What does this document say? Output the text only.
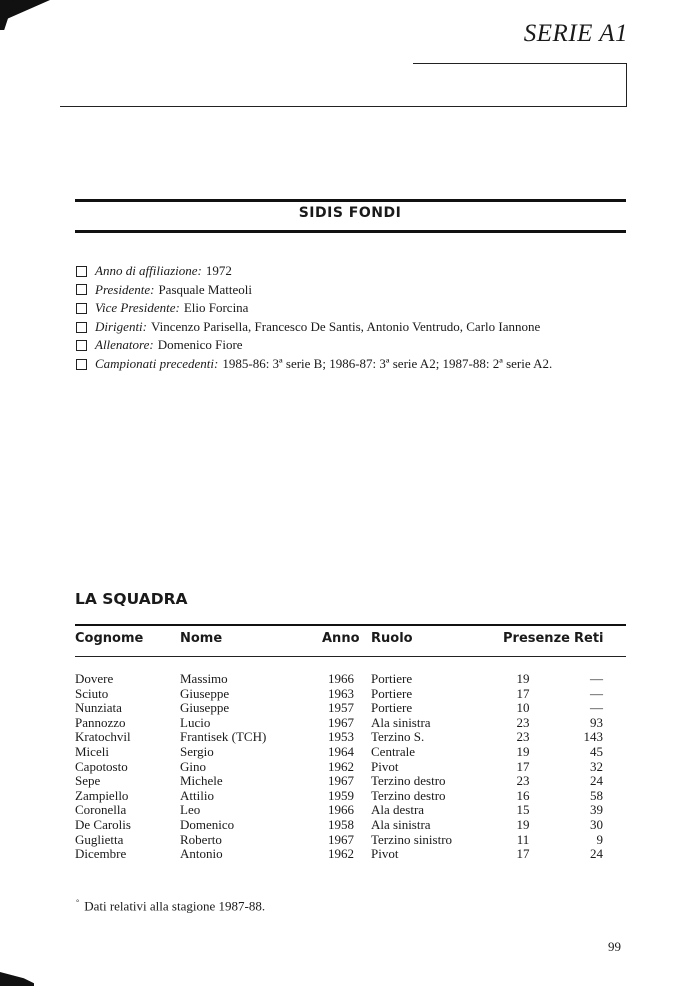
SERIE A1
SIDIS FONDI
Anno di affiliazione: 1972
Presidente: Pasquale Matteoli
Vice Presidente: Elio Forcina
Dirigenti: Vincenzo Parisella, Francesco De Santis, Antonio Ventrudo, Carlo Iannone
Allenatore: Domenico Fiore
Campionati precedenti: 1985-86: 3ª serie B; 1986-87: 3ª serie A2; 1987-88: 2ª serie A2.
LA SQUADRA
Cognome	Nome	Anno Ruolo	Presenze Reti
Dovere	Massimo	1966 Portiere	19	—
Sciuto	Giuseppe	1963 Portiere	17	—
Nunziata	Giuseppe	1957 Portiere	10	—
Pannozzo	Lucio	1967 Ala sinistra	23	93
Kratochvil	Frantisek (TCH)	1953 Terzino S.	23	143
Miceli	Sergio	1964 Centrale	19	45
Capotosto	Gino	1962 Pivot	17	32
Sepe	Michele	1967 Terzino destro	23	24
Zampiello	Attilio	1959 Terzino destro	16	58
Coronella	Leo	1966 Ala destra	15	39
De Carolis	Domenico	1958 Ala sinistra	19	30
Guglietta	Roberto	1967 Terzino sinistro	11	9
Dicembre	Antonio	1962 Pivot	17	24
° Dati relativi alla stagione 1987-88.
99
